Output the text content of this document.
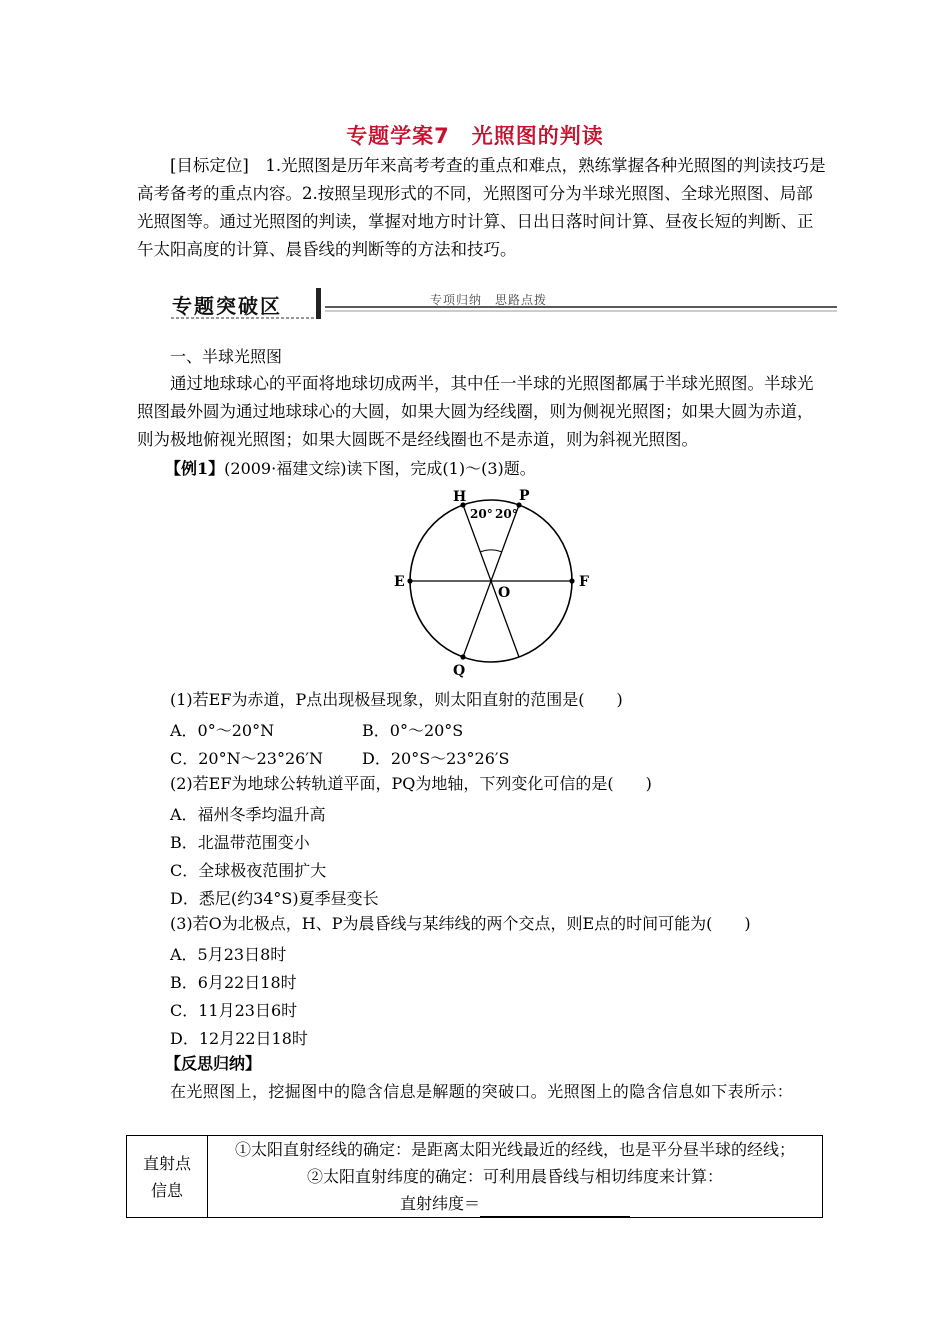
专题学案7　光照图的判读
[目标定位]　1.光照图是历年来高考考查的重点和难点，熟练掌握各种光照图的判读技巧是高考备考的重点内容。2.按照呈现形式的不同，光照图可分为半球光照图、全球光照图、局部光照图等。通过光照图的判读，掌握对地方时计算、日出日落时间计算、昼夜长短的判断、正午太阳高度的计算、晨昏线的判断等的方法和技巧。
专题突破区	专项归纳　思路点拨
一、半球光照图
通过地球球心的平面将地球切成两半，其中任一半球的光照图都属于半球光照图。半球光照图最外圆为通过地球球心的大圆，如果大圆为经线圈，则为侧视光照图；如果大圆为赤道，则为极地俯视光照图；如果大圆既不是经线圈也不是赤道，则为斜视光照图。
【例1】(2009·福建文综)读下图，完成(1)～(3)题。
H	P
E	F
O
Q
20° 20°
(1)若EF为赤道，P点出现极昼现象，则太阳直射的范围是(　　)
A．0°～20°N	B．0°～20°S
C．20°N～23°26′N D．20°S～23°26′S
(2)若EF为地球公转轨道平面，PQ为地轴，下列变化可信的是(　　)
A．福州冬季均温升高
B．北温带范围变小
C．全球极夜范围扩大
D．悉尼(约34°S)夏季昼变长
(3)若O为北极点，H、P为晨昏线与某纬线的两个交点，则E点的时间可能为(　　)
A．5月23日8时
B．6月22日18时
C．11月23日6时
D．12月22日18时
【反思归纳】
在光照图上，挖掘图中的隐含信息是解题的突破口。光照图上的隐含信息如下表所示：
直射点
信息

①太阳直射经线的确定：是距离太阳光线最近的经线，也是平分昼半球的经线；
②太阳直射纬度的确定：可利用晨昏线与相切纬度来计算：
直射纬度＝
